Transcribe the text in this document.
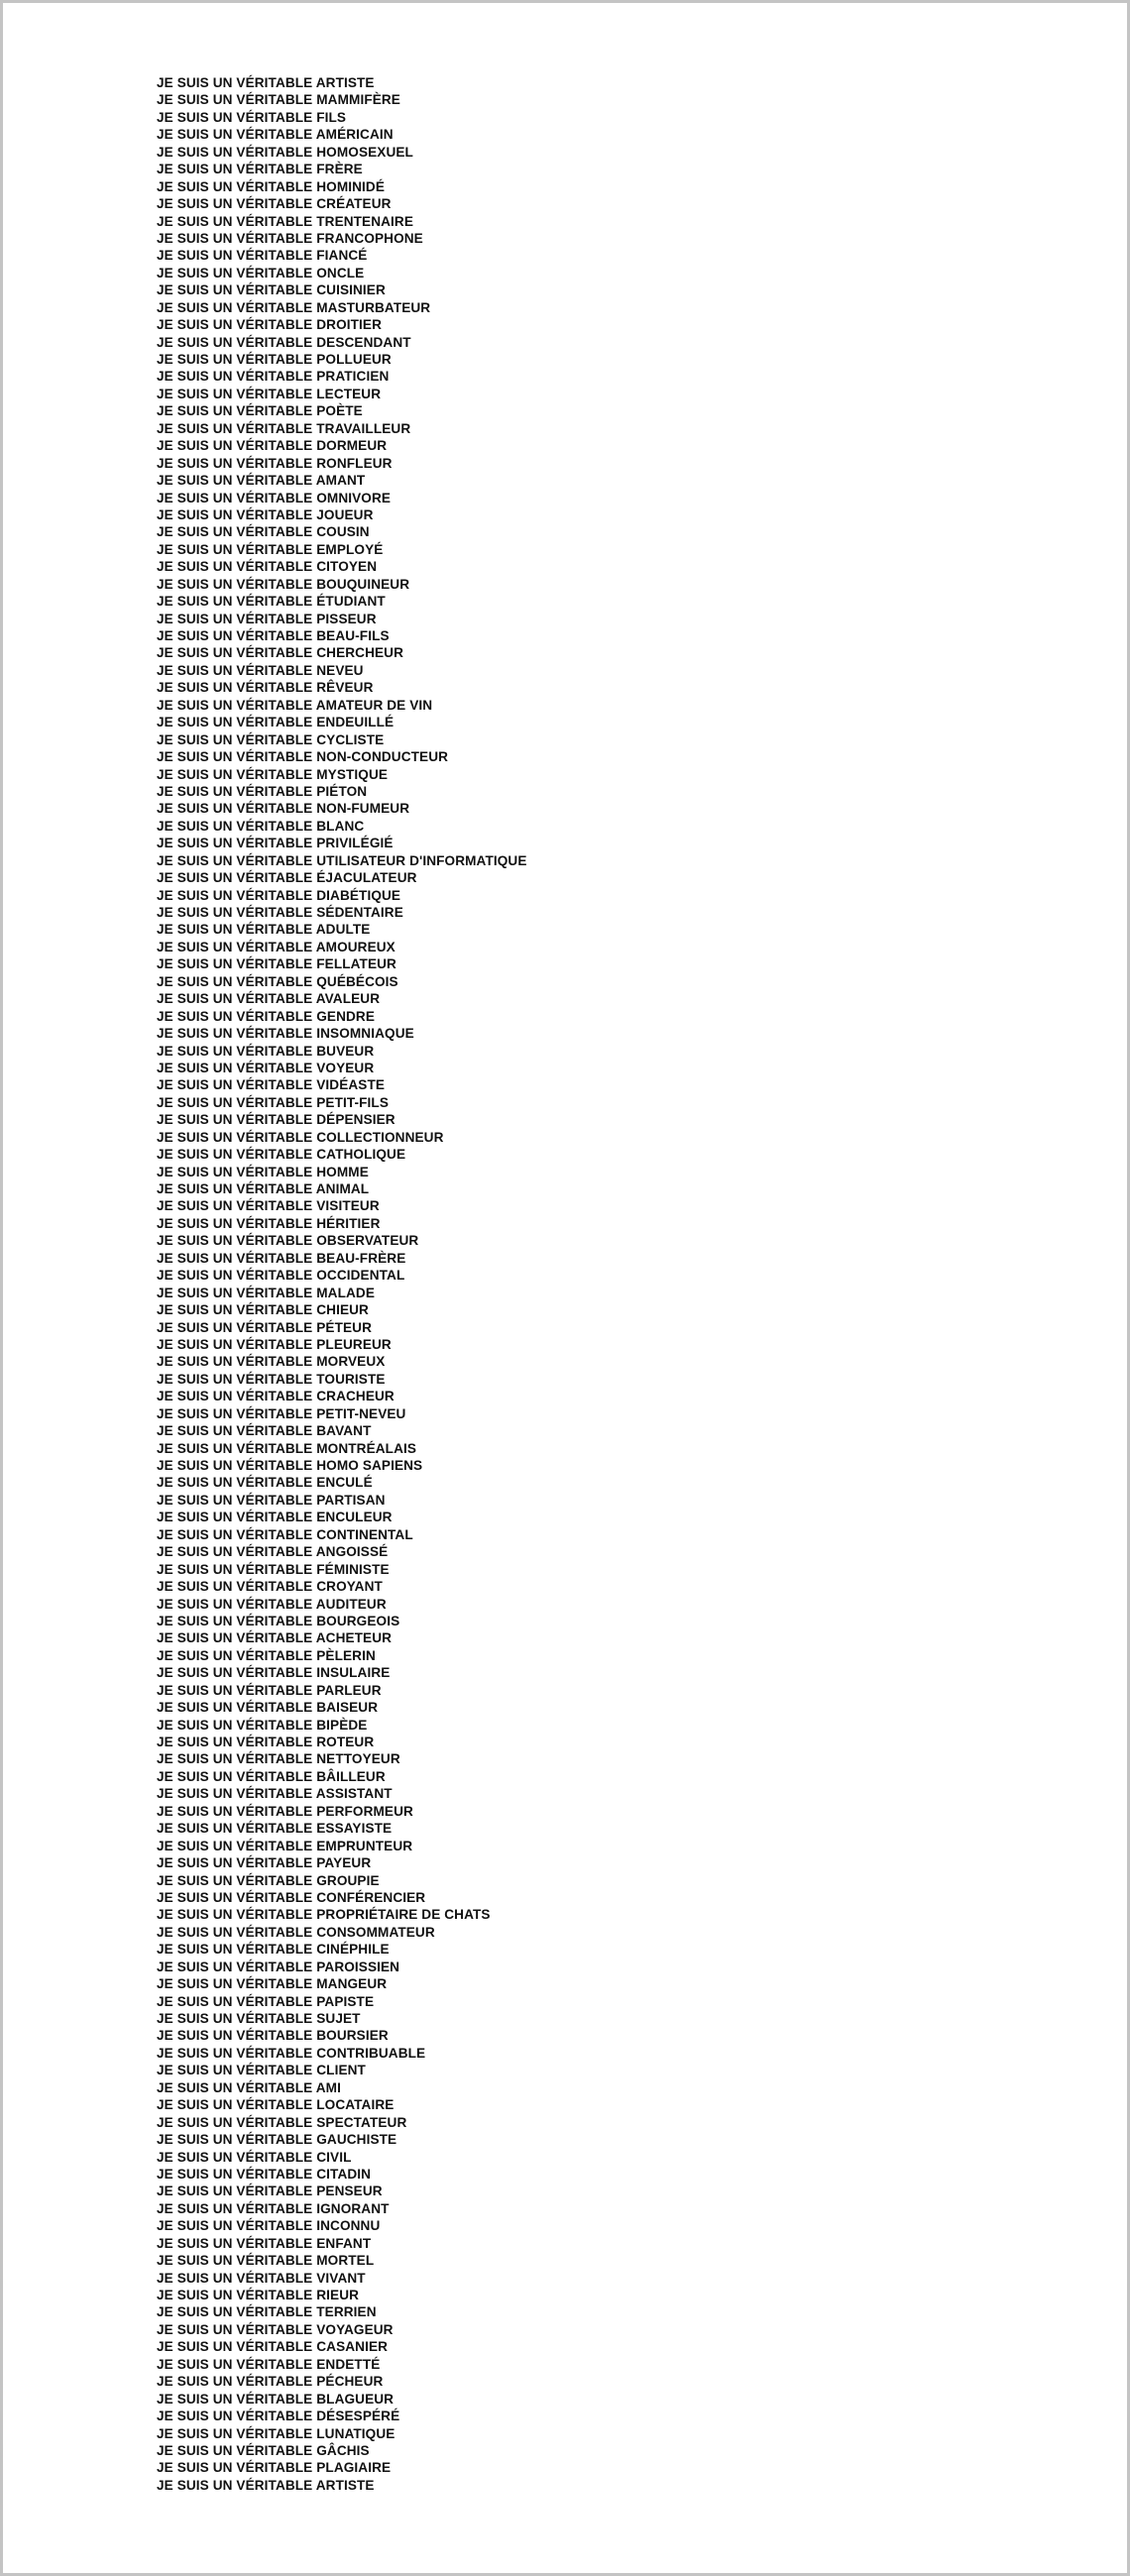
JE SUIS UN VÉRITABLE ARTISTE
JE SUIS UN VÉRITABLE MAMMIFÈRE
JE SUIS UN VÉRITABLE FILS
JE SUIS UN VÉRITABLE AMÉRICAIN
JE SUIS UN VÉRITABLE HOMOSEXUEL
JE SUIS UN VÉRITABLE FRÈRE
JE SUIS UN VÉRITABLE HOMINIDÉ
JE SUIS UN VÉRITABLE CRÉATEUR
JE SUIS UN VÉRITABLE TRENTENAIRE
JE SUIS UN VÉRITABLE FRANCOPHONE
JE SUIS UN VÉRITABLE FIANCÉ
JE SUIS UN VÉRITABLE ONCLE
JE SUIS UN VÉRITABLE CUISINIER
JE SUIS UN VÉRITABLE MASTURBATEUR
JE SUIS UN VÉRITABLE DROITIER
JE SUIS UN VÉRITABLE DESCENDANT
JE SUIS UN VÉRITABLE POLLUEUR
JE SUIS UN VÉRITABLE PRATICIEN
JE SUIS UN VÉRITABLE LECTEUR
JE SUIS UN VÉRITABLE POÈTE
JE SUIS UN VÉRITABLE TRAVAILLEUR
JE SUIS UN VÉRITABLE DORMEUR
JE SUIS UN VÉRITABLE RONFLEUR
JE SUIS UN VÉRITABLE AMANT
JE SUIS UN VÉRITABLE OMNIVORE
JE SUIS UN VÉRITABLE JOUEUR
JE SUIS UN VÉRITABLE COUSIN
JE SUIS UN VÉRITABLE EMPLOYÉ
JE SUIS UN VÉRITABLE CITOYEN
JE SUIS UN VÉRITABLE BOUQUINEUR
JE SUIS UN VÉRITABLE ÉTUDIANT
JE SUIS UN VÉRITABLE PISSEUR
JE SUIS UN VÉRITABLE BEAU-FILS
JE SUIS UN VÉRITABLE CHERCHEUR
JE SUIS UN VÉRITABLE NEVEU
JE SUIS UN VÉRITABLE RÊVEUR
JE SUIS UN VÉRITABLE AMATEUR DE VIN
JE SUIS UN VÉRITABLE ENDEUILLÉ
JE SUIS UN VÉRITABLE CYCLISTE
JE SUIS UN VÉRITABLE NON-CONDUCTEUR
JE SUIS UN VÉRITABLE MYSTIQUE
JE SUIS UN VÉRITABLE PIÉTON
JE SUIS UN VÉRITABLE NON-FUMEUR
JE SUIS UN VÉRITABLE BLANC
JE SUIS UN VÉRITABLE PRIVILÉGIÉ
JE SUIS UN VÉRITABLE UTILISATEUR D'INFORMATIQUE
JE SUIS UN VÉRITABLE ÉJACULATEUR
JE SUIS UN VÉRITABLE DIABÉTIQUE
JE SUIS UN VÉRITABLE SÉDENTAIRE
JE SUIS UN VÉRITABLE ADULTE
JE SUIS UN VÉRITABLE AMOUREUX
JE SUIS UN VÉRITABLE FELLATEUR
JE SUIS UN VÉRITABLE QUÉBÉCOIS
JE SUIS UN VÉRITABLE AVALEUR
JE SUIS UN VÉRITABLE GENDRE
JE SUIS UN VÉRITABLE INSOMNIAQUE
JE SUIS UN VÉRITABLE BUVEUR
JE SUIS UN VÉRITABLE VOYEUR
JE SUIS UN VÉRITABLE VIDÉASTE
JE SUIS UN VÉRITABLE PETIT-FILS
JE SUIS UN VÉRITABLE DÉPENSIER
JE SUIS UN VÉRITABLE COLLECTIONNEUR
JE SUIS UN VÉRITABLE CATHOLIQUE
JE SUIS UN VÉRITABLE HOMME
JE SUIS UN VÉRITABLE ANIMAL
JE SUIS UN VÉRITABLE VISITEUR
JE SUIS UN VÉRITABLE HÉRITIER
JE SUIS UN VÉRITABLE OBSERVATEUR
JE SUIS UN VÉRITABLE BEAU-FRÈRE
JE SUIS UN VÉRITABLE OCCIDENTAL
JE SUIS UN VÉRITABLE MALADE
JE SUIS UN VÉRITABLE CHIEUR
JE SUIS UN VÉRITABLE PÉTEUR
JE SUIS UN VÉRITABLE PLEUREUR
JE SUIS UN VÉRITABLE MORVEUX
JE SUIS UN VÉRITABLE TOURISTE
JE SUIS UN VÉRITABLE CRACHEUR
JE SUIS UN VÉRITABLE PETIT-NEVEU
JE SUIS UN VÉRITABLE BAVANT
JE SUIS UN VÉRITABLE MONTRÉALAIS
JE SUIS UN VÉRITABLE HOMO SAPIENS
JE SUIS UN VÉRITABLE ENCULÉ
JE SUIS UN VÉRITABLE PARTISAN
JE SUIS UN VÉRITABLE ENCULEUR
JE SUIS UN VÉRITABLE CONTINENTAL
JE SUIS UN VÉRITABLE ANGOISSÉ
JE SUIS UN VÉRITABLE FÉMINISTE
JE SUIS UN VÉRITABLE CROYANT
JE SUIS UN VÉRITABLE AUDITEUR
JE SUIS UN VÉRITABLE BOURGEOIS
JE SUIS UN VÉRITABLE ACHETEUR
JE SUIS UN VÉRITABLE PÈLERIN
JE SUIS UN VÉRITABLE INSULAIRE
JE SUIS UN VÉRITABLE PARLEUR
JE SUIS UN VÉRITABLE BAISEUR
JE SUIS UN VÉRITABLE BIPÈDE
JE SUIS UN VÉRITABLE ROTEUR
JE SUIS UN VÉRITABLE NETTOYEUR
JE SUIS UN VÉRITABLE BÂILLEUR
JE SUIS UN VÉRITABLE ASSISTANT
JE SUIS UN VÉRITABLE PERFORMEUR
JE SUIS UN VÉRITABLE ESSAYISTE
JE SUIS UN VÉRITABLE EMPRUNTEUR
JE SUIS UN VÉRITABLE PAYEUR
JE SUIS UN VÉRITABLE GROUPIE
JE SUIS UN VÉRITABLE CONFÉRENCIER
JE SUIS UN VÉRITABLE PROPRIÉTAIRE DE CHATS
JE SUIS UN VÉRITABLE CONSOMMATEUR
JE SUIS UN VÉRITABLE CINÉPHILE
JE SUIS UN VÉRITABLE PAROISSIEN
JE SUIS UN VÉRITABLE MANGEUR
JE SUIS UN VÉRITABLE PAPISTE
JE SUIS UN VÉRITABLE SUJET
JE SUIS UN VÉRITABLE BOURSIER
JE SUIS UN VÉRITABLE CONTRIBUABLE
JE SUIS UN VÉRITABLE CLIENT
JE SUIS UN VÉRITABLE AMI
JE SUIS UN VÉRITABLE LOCATAIRE
JE SUIS UN VÉRITABLE SPECTATEUR
JE SUIS UN VÉRITABLE GAUCHISTE
JE SUIS UN VÉRITABLE CIVIL
JE SUIS UN VÉRITABLE CITADIN
JE SUIS UN VÉRITABLE PENSEUR
JE SUIS UN VÉRITABLE IGNORANT
JE SUIS UN VÉRITABLE INCONNU
JE SUIS UN VÉRITABLE ENFANT
JE SUIS UN VÉRITABLE MORTEL
JE SUIS UN VÉRITABLE VIVANT
JE SUIS UN VÉRITABLE RIEUR
JE SUIS UN VÉRITABLE TERRIEN
JE SUIS UN VÉRITABLE VOYAGEUR
JE SUIS UN VÉRITABLE CASANIER
JE SUIS UN VÉRITABLE ENDETTÉ
JE SUIS UN VÉRITABLE PÉCHEUR
JE SUIS UN VÉRITABLE BLAGUEUR
JE SUIS UN VÉRITABLE DÉSESPÉRÉ
JE SUIS UN VÉRITABLE LUNATIQUE
JE SUIS UN VÉRITABLE GÂCHIS
JE SUIS UN VÉRITABLE PLAGIAIRE
JE SUIS UN VÉRITABLE ARTISTE
